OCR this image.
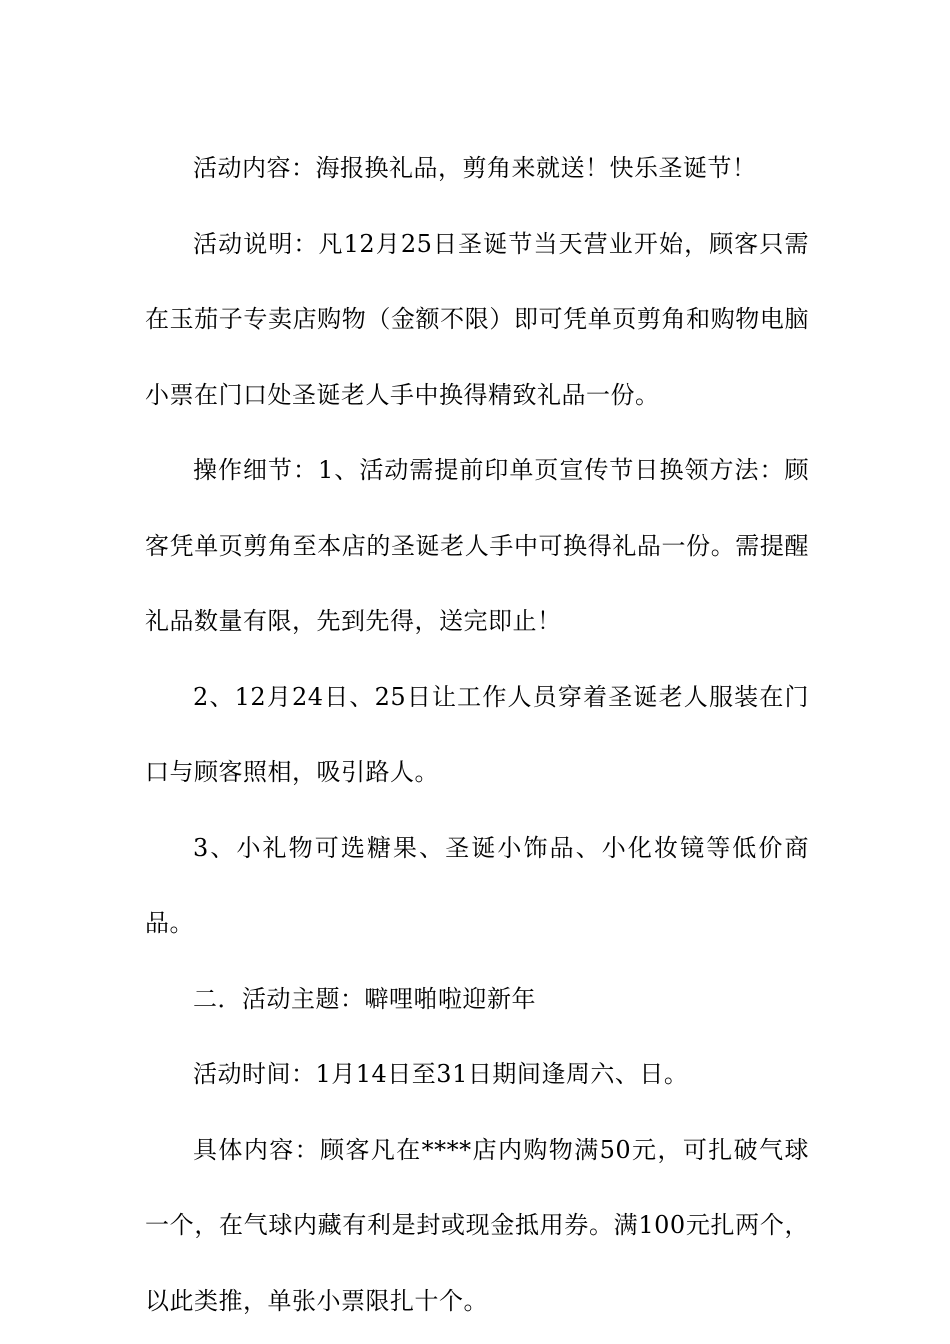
活动内容：海报换礼品，剪角来就送！快乐圣诞节！

活动说明：凡12月25日圣诞节当天营业开始，顾客只需在玉茄子专卖店购物（金额不限）即可凭单页剪角和购物电脑小票在门口处圣诞老人手中换得精致礼品一份。

操作细节：1、活动需提前印单页宣传节日换领方法：顾客凭单页剪角至本店的圣诞老人手中可换得礼品一份。需提醒礼品数量有限，先到先得，送完即止！

2、12月24日、25日让工作人员穿着圣诞老人服装在门口与顾客照相，吸引路人。

3、小礼物可选糖果、圣诞小饰品、小化妆镜等低价商品。

二．活动主题：噼哩啪啦迎新年

活动时间：1月14日至31日期间逢周六、日。

具体内容：顾客凡在****店内购物满50元，可扎破气球一个，在气球内藏有利是封或现金抵用券。满100元扎两个，以此类推，单张小票限扎十个。
